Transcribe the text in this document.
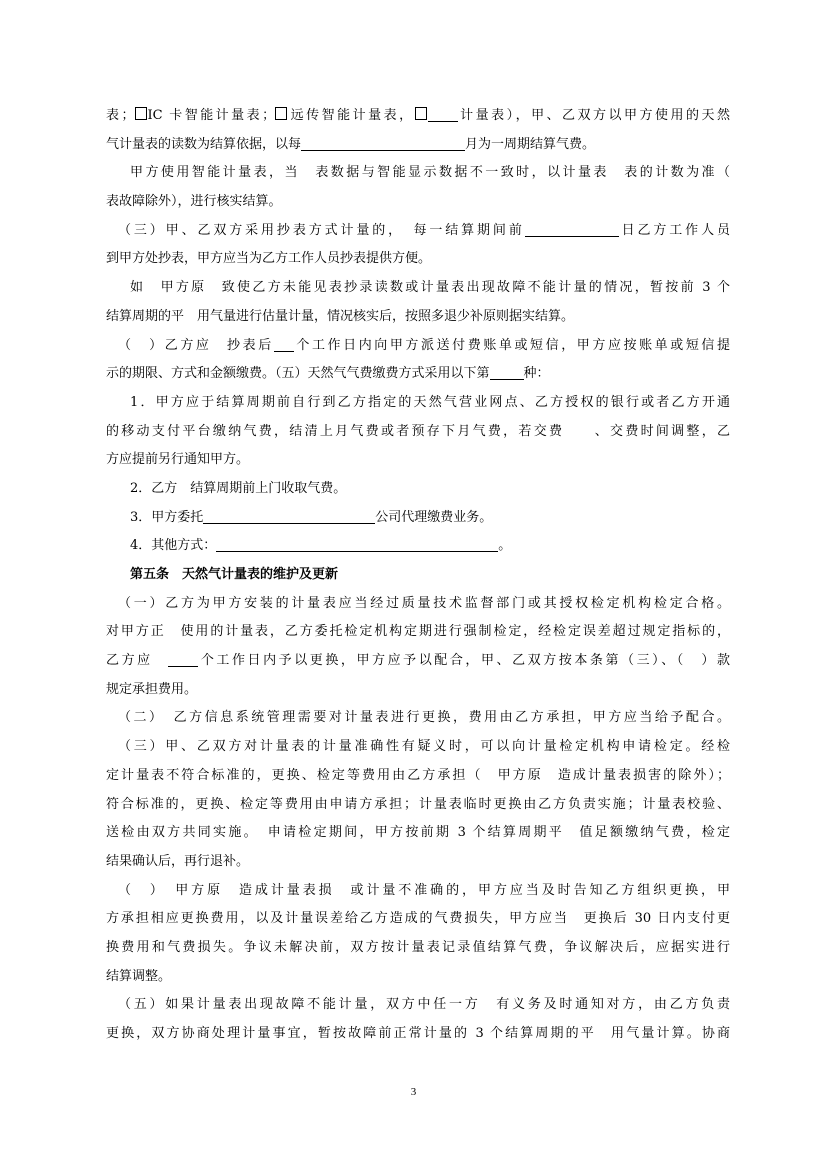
表； IC 卡智能计量表； 远传智能计量表，	计量表），甲、乙双方以甲方使用的天然
气计量表的读数为结算依据，以每	月为一周期结算气费。
甲方使用智能计量表，当　表数据与智能显示数据不一致时，以计量表　表的计数为准（
表故障除外），进行核实结算。
（三）甲、乙双方采用抄表方式计量的，　每一结算期间前	日乙方工作人员
到甲方处抄表，甲方应当为乙方工作人员抄表提供方便。
如　甲方原　致使乙方未能见表抄录读数或计量表出现故障不能计量的情况，暂按前 3 个
结算周期的平　用气量进行估量计量，情况核实后，按照多退少补原则据实结算。
（　）乙方应　抄表后 个工作日内向甲方派送付费账单或短信，甲方应按账单或短信提
示的期限、方式和金额缴费。（五）天然气气费缴费方式采用以下第	种：
1．甲方应于结算周期前自行到乙方指定的天然气营业网点、乙方授权的银行或者乙方开通
的移动支付平台缴纳气费，结清上月气费或者预存下月气费，若交费　　、交费时间调整，乙
方应提前另行通知甲方。
2．乙方　结算周期前上门收取气费。
3．甲方委托	公司代理缴费业务。
4．其他方式：	。
第五条　天然气计量表的维护及更新
（一）乙方为甲方安装的计量表应当经过质量技术监督部门或其授权检定机构检定合格。
对甲方正　使用的计量表，乙方委托检定机构定期进行强制检定，经检定误差超过规定指标的，
乙方应　个工作日内予以更换，甲方应予以配合，甲、乙双方按本条第（三）、（　）款
规定承担费用。
（二）　乙方信息系统管理需要对计量表进行更换，费用由乙方承担，甲方应当给予配合。
（三）甲、乙双方对计量表的计量准确性有疑义时，可以向计量检定机构申请检定。经检
定计量表不符合标准的，更换、检定等费用由乙方承担（　甲方原　造成计量表损害的除外）；
符合标准的，更换、检定等费用由申请方承担；计量表临时更换由乙方负责实施；计量表校验、
送检由双方共同实施。　申请检定期间，甲方按前期 3 个结算周期平　值足额缴纳气费，检定
结果确认后，再行退补。
（　）　甲方原　造成计量表损　或计量不准确的，甲方应当及时告知乙方组织更换，甲
方承担相应更换费用，以及计量误差给乙方造成的气费损失，甲方应当　更换后 30 日内支付更
换费用和气费损失。争议未解决前，双方按计量表记录值结算气费，争议解决后，应据实进行
结算调整。
（五）如果计量表出现故障不能计量，双方中任一方　有义务及时通知对方，由乙方负责
更换，双方协商处理计量事宜，暂按故障前正常计量的 3 个结算周期的平　用气量计算。协商
3
